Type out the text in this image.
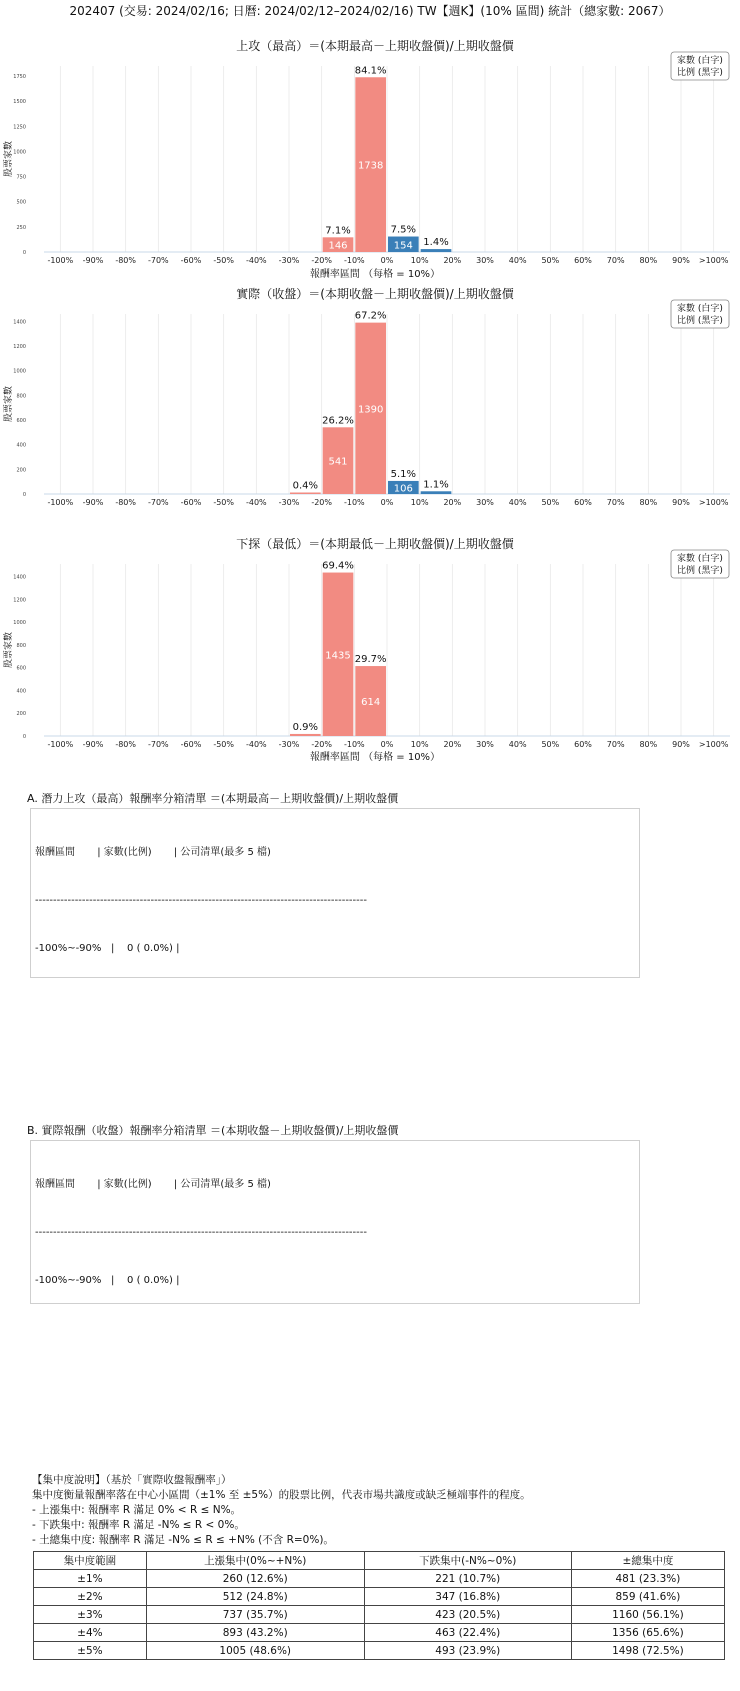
202407 (交易: 2024/02/16; 日曆: 2024/02/12–2024/02/16) TW【週K】(10% 區間) 統計（總家數: 2067）
上攻（最高）＝(本期最高－上期收盤價)/上期收盤價
0
250
500
750
1000
1250
1500
1750
股票家數
-100% -90% -80% -70% -60% -50% -40% -30% -20% -10% 0% 10% 20% 30% 40% 50% 60% 70% 80% 90% >100%
報酬率區間 （每格 = 10%）
7.1%
146
84.1%
1738
7.5%
154 1.4%
家數 (白字)
比例 (黑字)
實際（收盤）＝(本期收盤－上期收盤價)/上期收盤價
0
200
400
600
800
1000
1200
1400
股票家數
-100% -90% -80% -70% -60% -50% -40% -30% -20% -10% 0% 10% 20% 30% 40% 50% 60% 70% 80% 90% >100%
0.4%
26.2%
541
67.2%
1390
5.1%
106 1.1%
家數 (白字)
比例 (黑字)
下探（最低）＝(本期最低－上期收盤價)/上期收盤價
0
200
400
600
800
1000
1200
1400
股票家數
-100% -90% -80% -70% -60% -50% -40% -30% -20% -10% 0% 10% 20% 30% 40% 50% 60% 70% 80% 90% >100%
報酬率區間 （每格 = 10%）
0.9%
69.4%
1435 29.7%
614
家數 (白字)
比例 (黑字)
A. 潛力上攻（最高）報酬率分箱清單 ＝(本期最高－上期收盤價)/上期收盤價

報酬區間       | 家數(比例)       | 公司清單(最多 5 檔)

--------------------------------------------------------------------------------------------

-100%~-90%   |    0 ( 0.0%) |

B. 實際報酬（收盤）報酬率分箱清單 ＝(本期收盤－上期收盤價)/上期收盤價

報酬區間       | 家數(比例)       | 公司清單(最多 5 檔)

--------------------------------------------------------------------------------------------

-100%~-90%   |    0 ( 0.0%) |

【集中度說明】（基於「實際收盤報酬率」）
集中度衡量報酬率落在中心小區間（±1% 至 ±5%）的股票比例，代表市場共識度或缺乏極端事件的程度。
- 上漲集中: 報酬率 R 滿足 0% < R ≤ N%。
- 下跌集中: 報酬率 R 滿足 -N% ≤ R < 0%。
- 土總集中度: 報酬率 R 滿足 -N% ≤ R ≤ +N% (不含 R=0%)。
集中度範圍	上漲集中(0%~+N%)	下跌集中(-N%~0%)	±總集中度
±1%	260 (12.6%)	221 (10.7%)	481 (23.3%)
±2%	512 (24.8%)	347 (16.8%)	859 (41.6%)
±3%	737 (35.7%)	423 (20.5%)	1160 (56.1%)
±4%	893 (43.2%)	463 (22.4%)	1356 (65.6%)
±5%	1005 (48.6%)	493 (23.9%)	1498 (72.5%)
